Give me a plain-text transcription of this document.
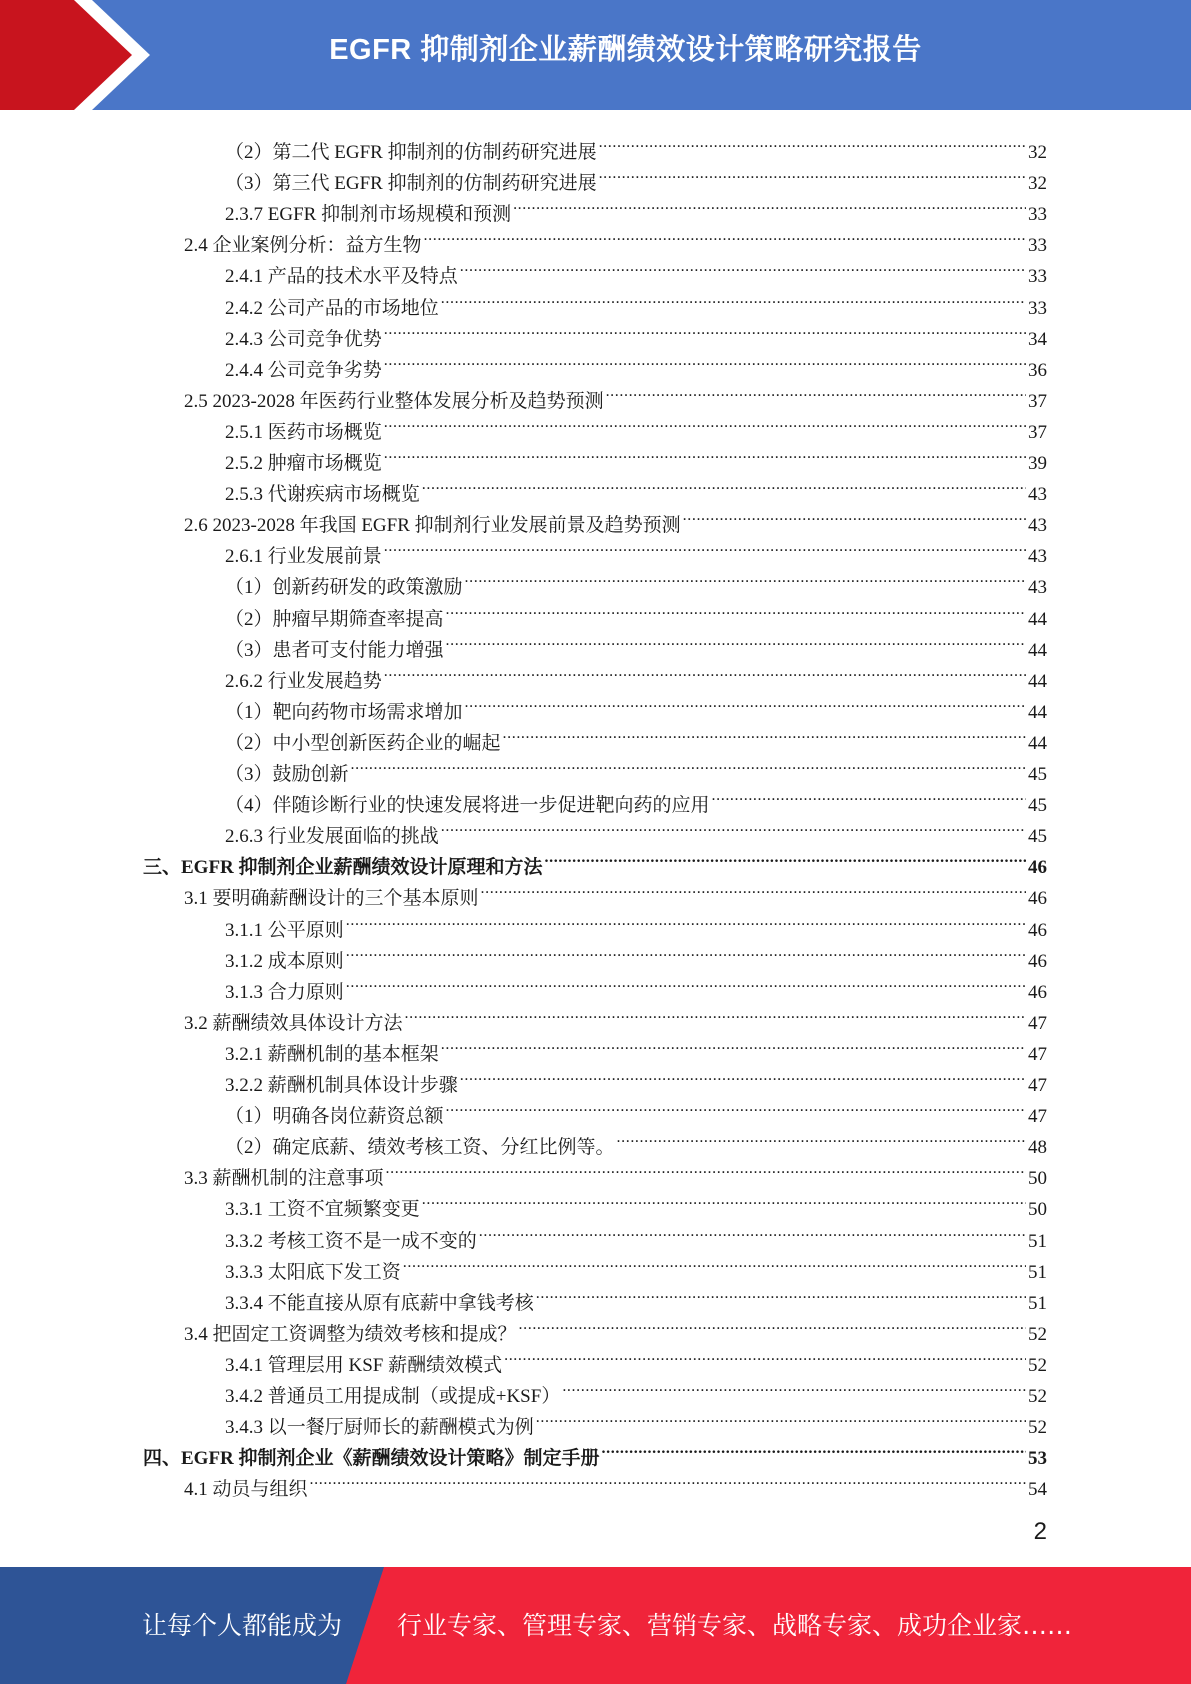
EGFR 抑制剂企业薪酬绩效设计策略研究报告
（2）第二代 EGFR 抑制剂的仿制药研究进展 .....	32
（3）第三代 EGFR 抑制剂的仿制药研究进展 .....	32
2.3.7 EGFR 抑制剂市场规模和预测 .....	33
2.4 企业案例分析：益方生物 .....	33
2.4.1 产品的技术水平及特点 .....	33
2.4.2 公司产品的市场地位 .....	33
2.4.3 公司竞争优势 .....	34
2.4.4 公司竞争劣势 .....	36
2.5 2023-2028 年医药行业整体发展分析及趋势预测 .....	37
2.5.1 医药市场概览 .....	37
2.5.2 肿瘤市场概览 .....	39
2.5.3 代谢疾病市场概览 .....	43
2.6 2023-2028 年我国 EGFR 抑制剂行业发展前景及趋势预测 .....	43
2.6.1 行业发展前景 .....	43
（1）创新药研发的政策激励 .....	43
（2）肿瘤早期筛查率提高 .....	44
（3）患者可支付能力增强 .....	44
2.6.2 行业发展趋势 .....	44
（1）靶向药物市场需求增加 .....	44
（2）中小型创新医药企业的崛起 .....	44
（3）鼓励创新 .....	45
（4）伴随诊断行业的快速发展将进一步促进靶向药的应用 .....	45
2.6.3 行业发展面临的挑战 .....	45
三、EGFR 抑制剂企业薪酬绩效设计原理和方法 .....	46
3.1 要明确薪酬设计的三个基本原则 .....	46
3.1.1 公平原则 .....	46
3.1.2 成本原则 .....	46
3.1.3 合力原则 .....	46
3.2 薪酬绩效具体设计方法 .....	47
3.2.1 薪酬机制的基本框架 .....	47
3.2.2 薪酬机制具体设计步骤 .....	47
（1）明确各岗位薪资总额 .....	47
（2）确定底薪、绩效考核工资、分红比例等。 .....	48
3.3 薪酬机制的注意事项 .....	50
3.3.1 工资不宜频繁变更 .....	50
3.3.2 考核工资不是一成不变的 .....	51
3.3.3 太阳底下发工资 .....	51
3.3.4 不能直接从原有底薪中拿钱考核 .....	51
3.4 把固定工资调整为绩效考核和提成？ .....	52
3.4.1 管理层用 KSF 薪酬绩效模式 .....	52
3.4.2 普通员工用提成制（或提成+KSF） .....	52
3.4.3 以一餐厅厨师长的薪酬模式为例 .....	52
四、EGFR 抑制剂企业《薪酬绩效设计策略》制定手册 .....	53
4.1 动员与组织 .....	54
2
让每个人都能成为 行业专家、管理专家、营销专家、战略专家、成功企业家……
